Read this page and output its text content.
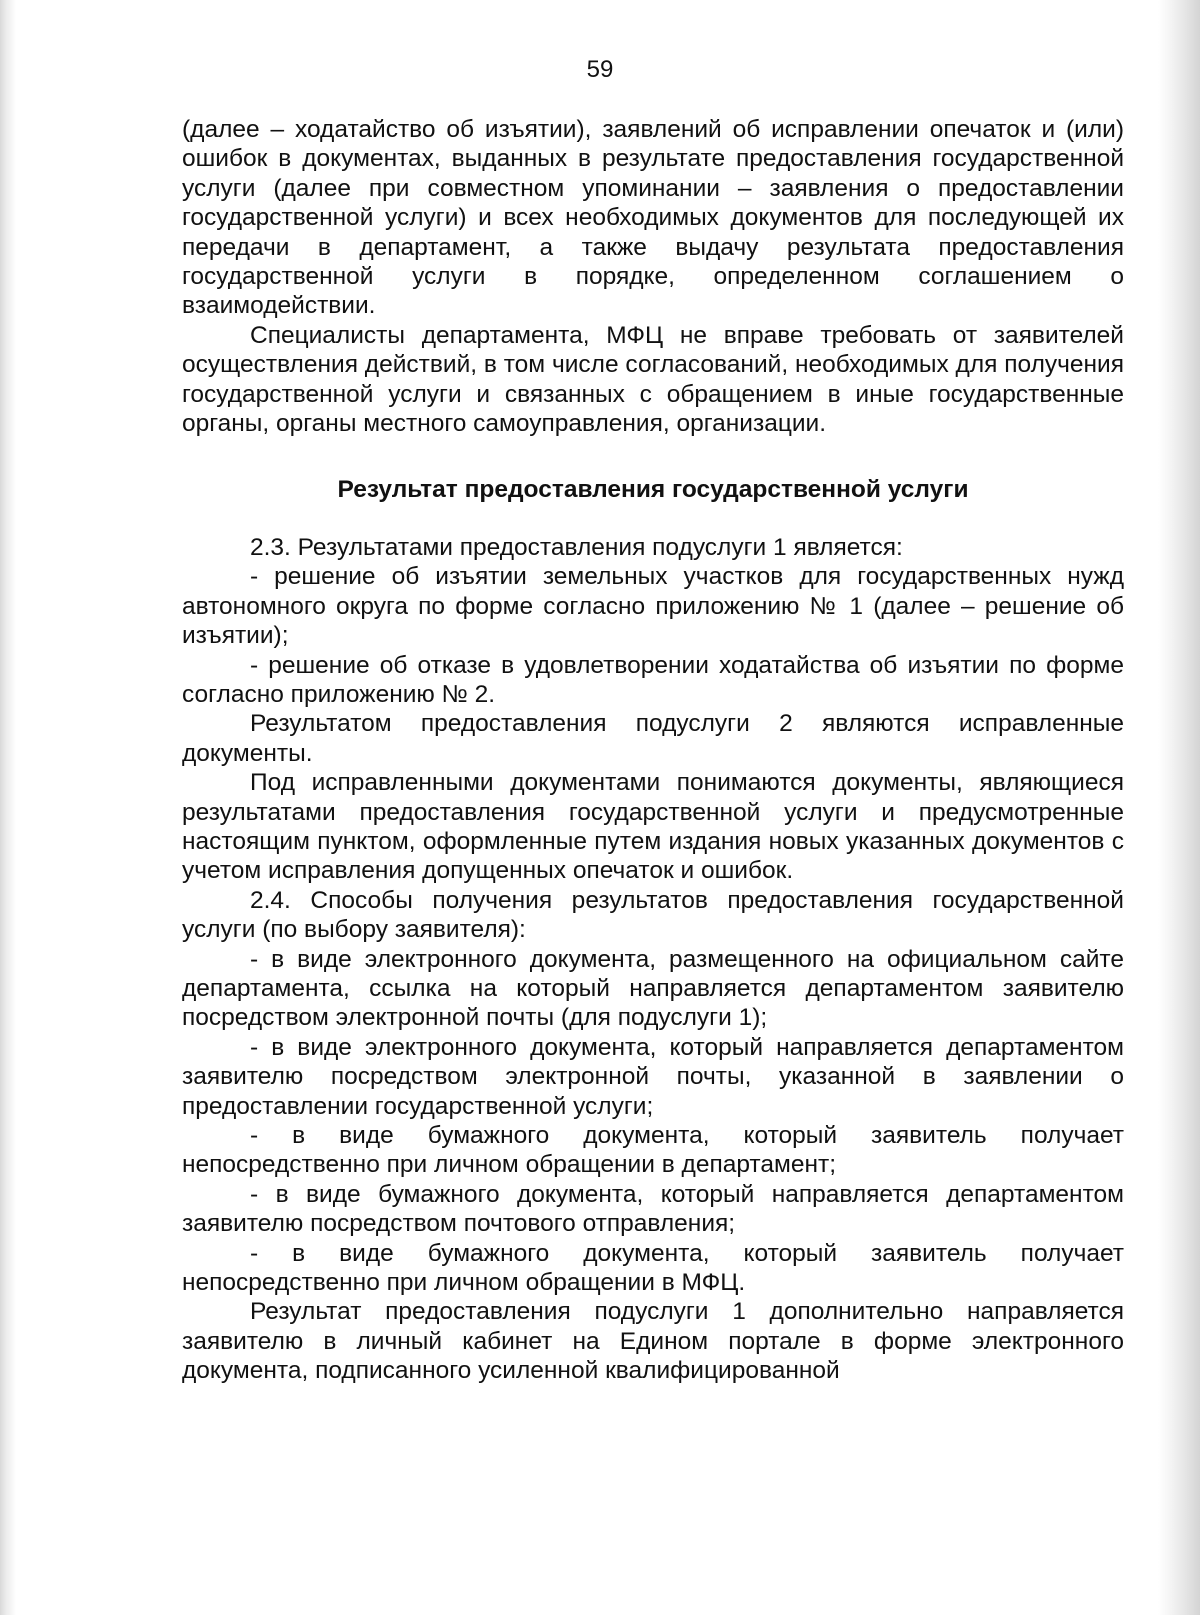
59

(далее – ходатайство об изъятии), заявлений об исправлении опечаток и (или) ошибок в документах, выданных в результате предоставления государственной услуги (далее при совместном упоминании – заявления о предоставлении государственной услуги) и всех необходимых документов для последующей их передачи в департамент, а также выдачу результата предоставления государственной услуги в порядке, определенном соглашением о взаимодействии.

Специалисты департамента, МФЦ не вправе требовать от заявителей осуществления действий, в том числе согласований, необходимых для получения государственной услуги и связанных с обращением в иные государственные органы, органы местного самоуправления, организации.

Результат предоставления государственной услуги

2.3. Результатами предоставления подуслуги 1 является:

- решение об изъятии земельных участков для государственных нужд автономного округа по форме согласно приложению № 1 (далее – решение об изъятии);

- решение об отказе в удовлетворении ходатайства об изъятии по форме согласно приложению № 2.

Результатом предоставления подуслуги 2 являются исправленные документы.

Под исправленными документами понимаются документы, являющиеся результатами предоставления государственной услуги и предусмотренные настоящим пунктом, оформленные путем издания новых указанных документов с учетом исправления допущенных опечаток и ошибок.

2.4. Способы получения результатов предоставления государственной услуги (по выбору заявителя):

- в виде электронного документа, размещенного на официальном сайте департамента, ссылка на который направляется департаментом заявителю посредством электронной почты (для подуслуги 1);

- в виде электронного документа, который направляется департаментом заявителю посредством электронной почты, указанной в заявлении о предоставлении государственной услуги;

- в виде бумажного документа, который заявитель получает непосредственно при личном обращении в департамент;

- в виде бумажного документа, который направляется департаментом заявителю посредством почтового отправления;

- в виде бумажного документа, который заявитель получает непосредственно при личном обращении в МФЦ.

Результат предоставления подуслуги 1 дополнительно направляется заявителю в личный кабинет на Едином портале в форме электронного документа, подписанного усиленной квалифицированной
